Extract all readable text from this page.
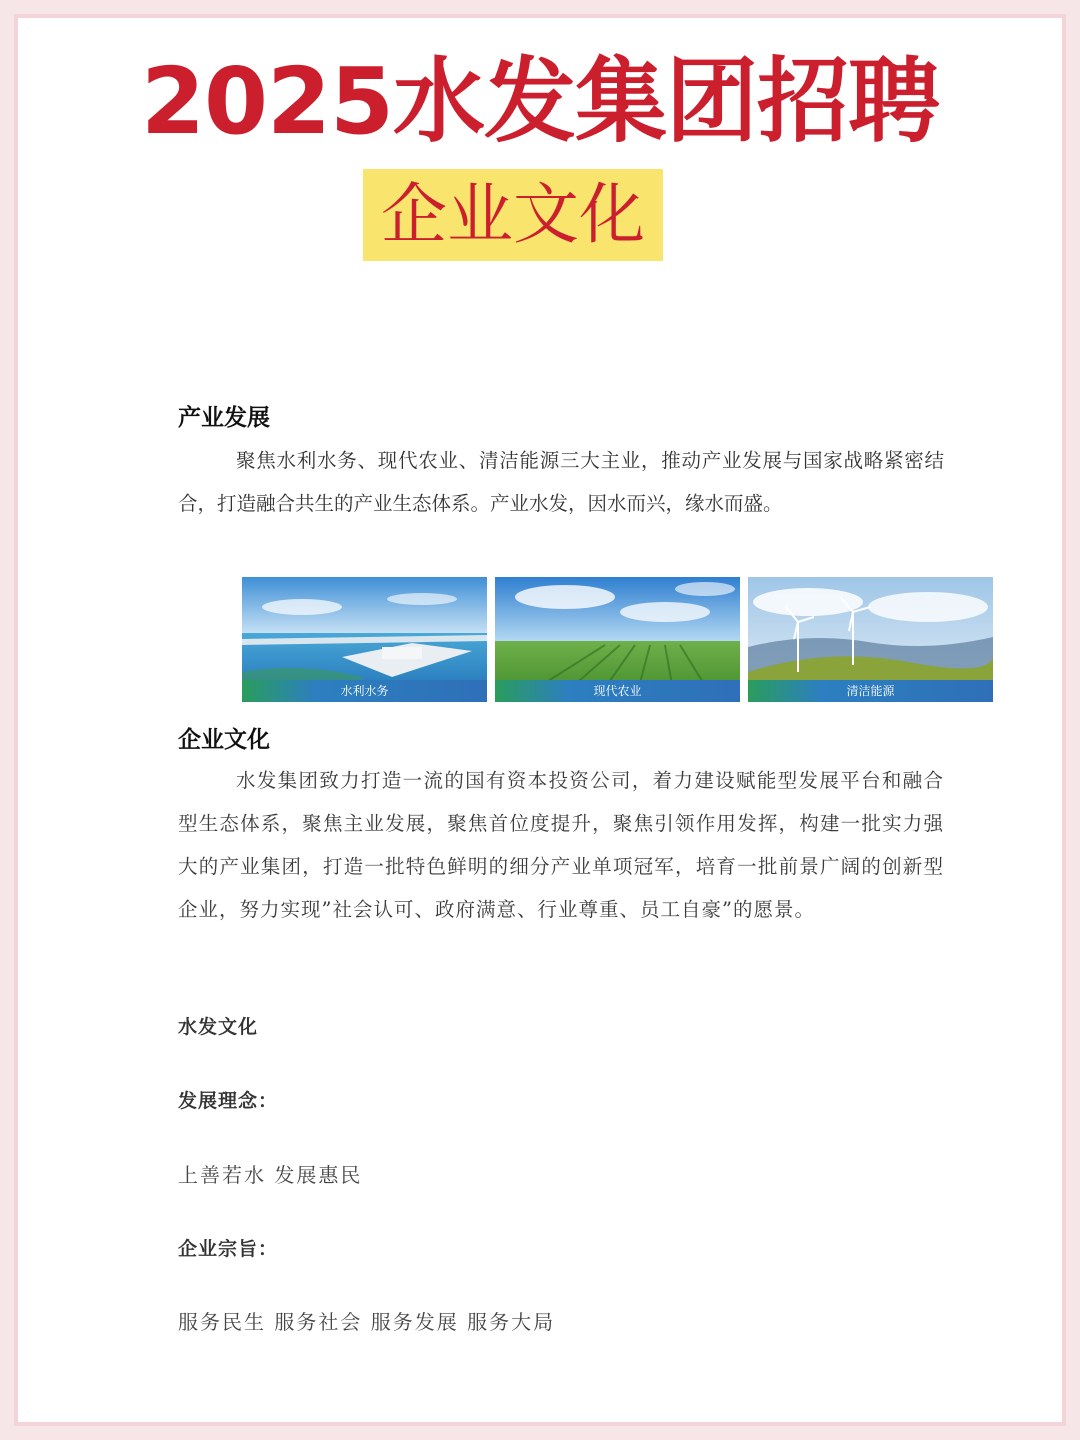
2025水发集团招聘
企业文化
产业发展
聚焦水利水务、现代农业、清洁能源三大主业，推动产业发展与国家战略紧密结合，打造融合共生的产业生态体系。产业水发，因水而兴，缘水而盛。
水利水务	现代农业	清洁能源
企业文化
水发集团致力打造一流的国有资本投资公司，着力建设赋能型发展平台和融合型生态体系，聚焦主业发展，聚焦首位度提升，聚焦引领作用发挥，构建一批实力强大的产业集团，打造一批特色鲜明的细分产业单项冠军，培育一批前景广阔的创新型企业，努力实现”社会认可、政府满意、行业尊重、员工自豪”的愿景。
水发文化
发展理念：
上善若水 发展惠民
企业宗旨：
服务民生 服务社会 服务发展 服务大局
